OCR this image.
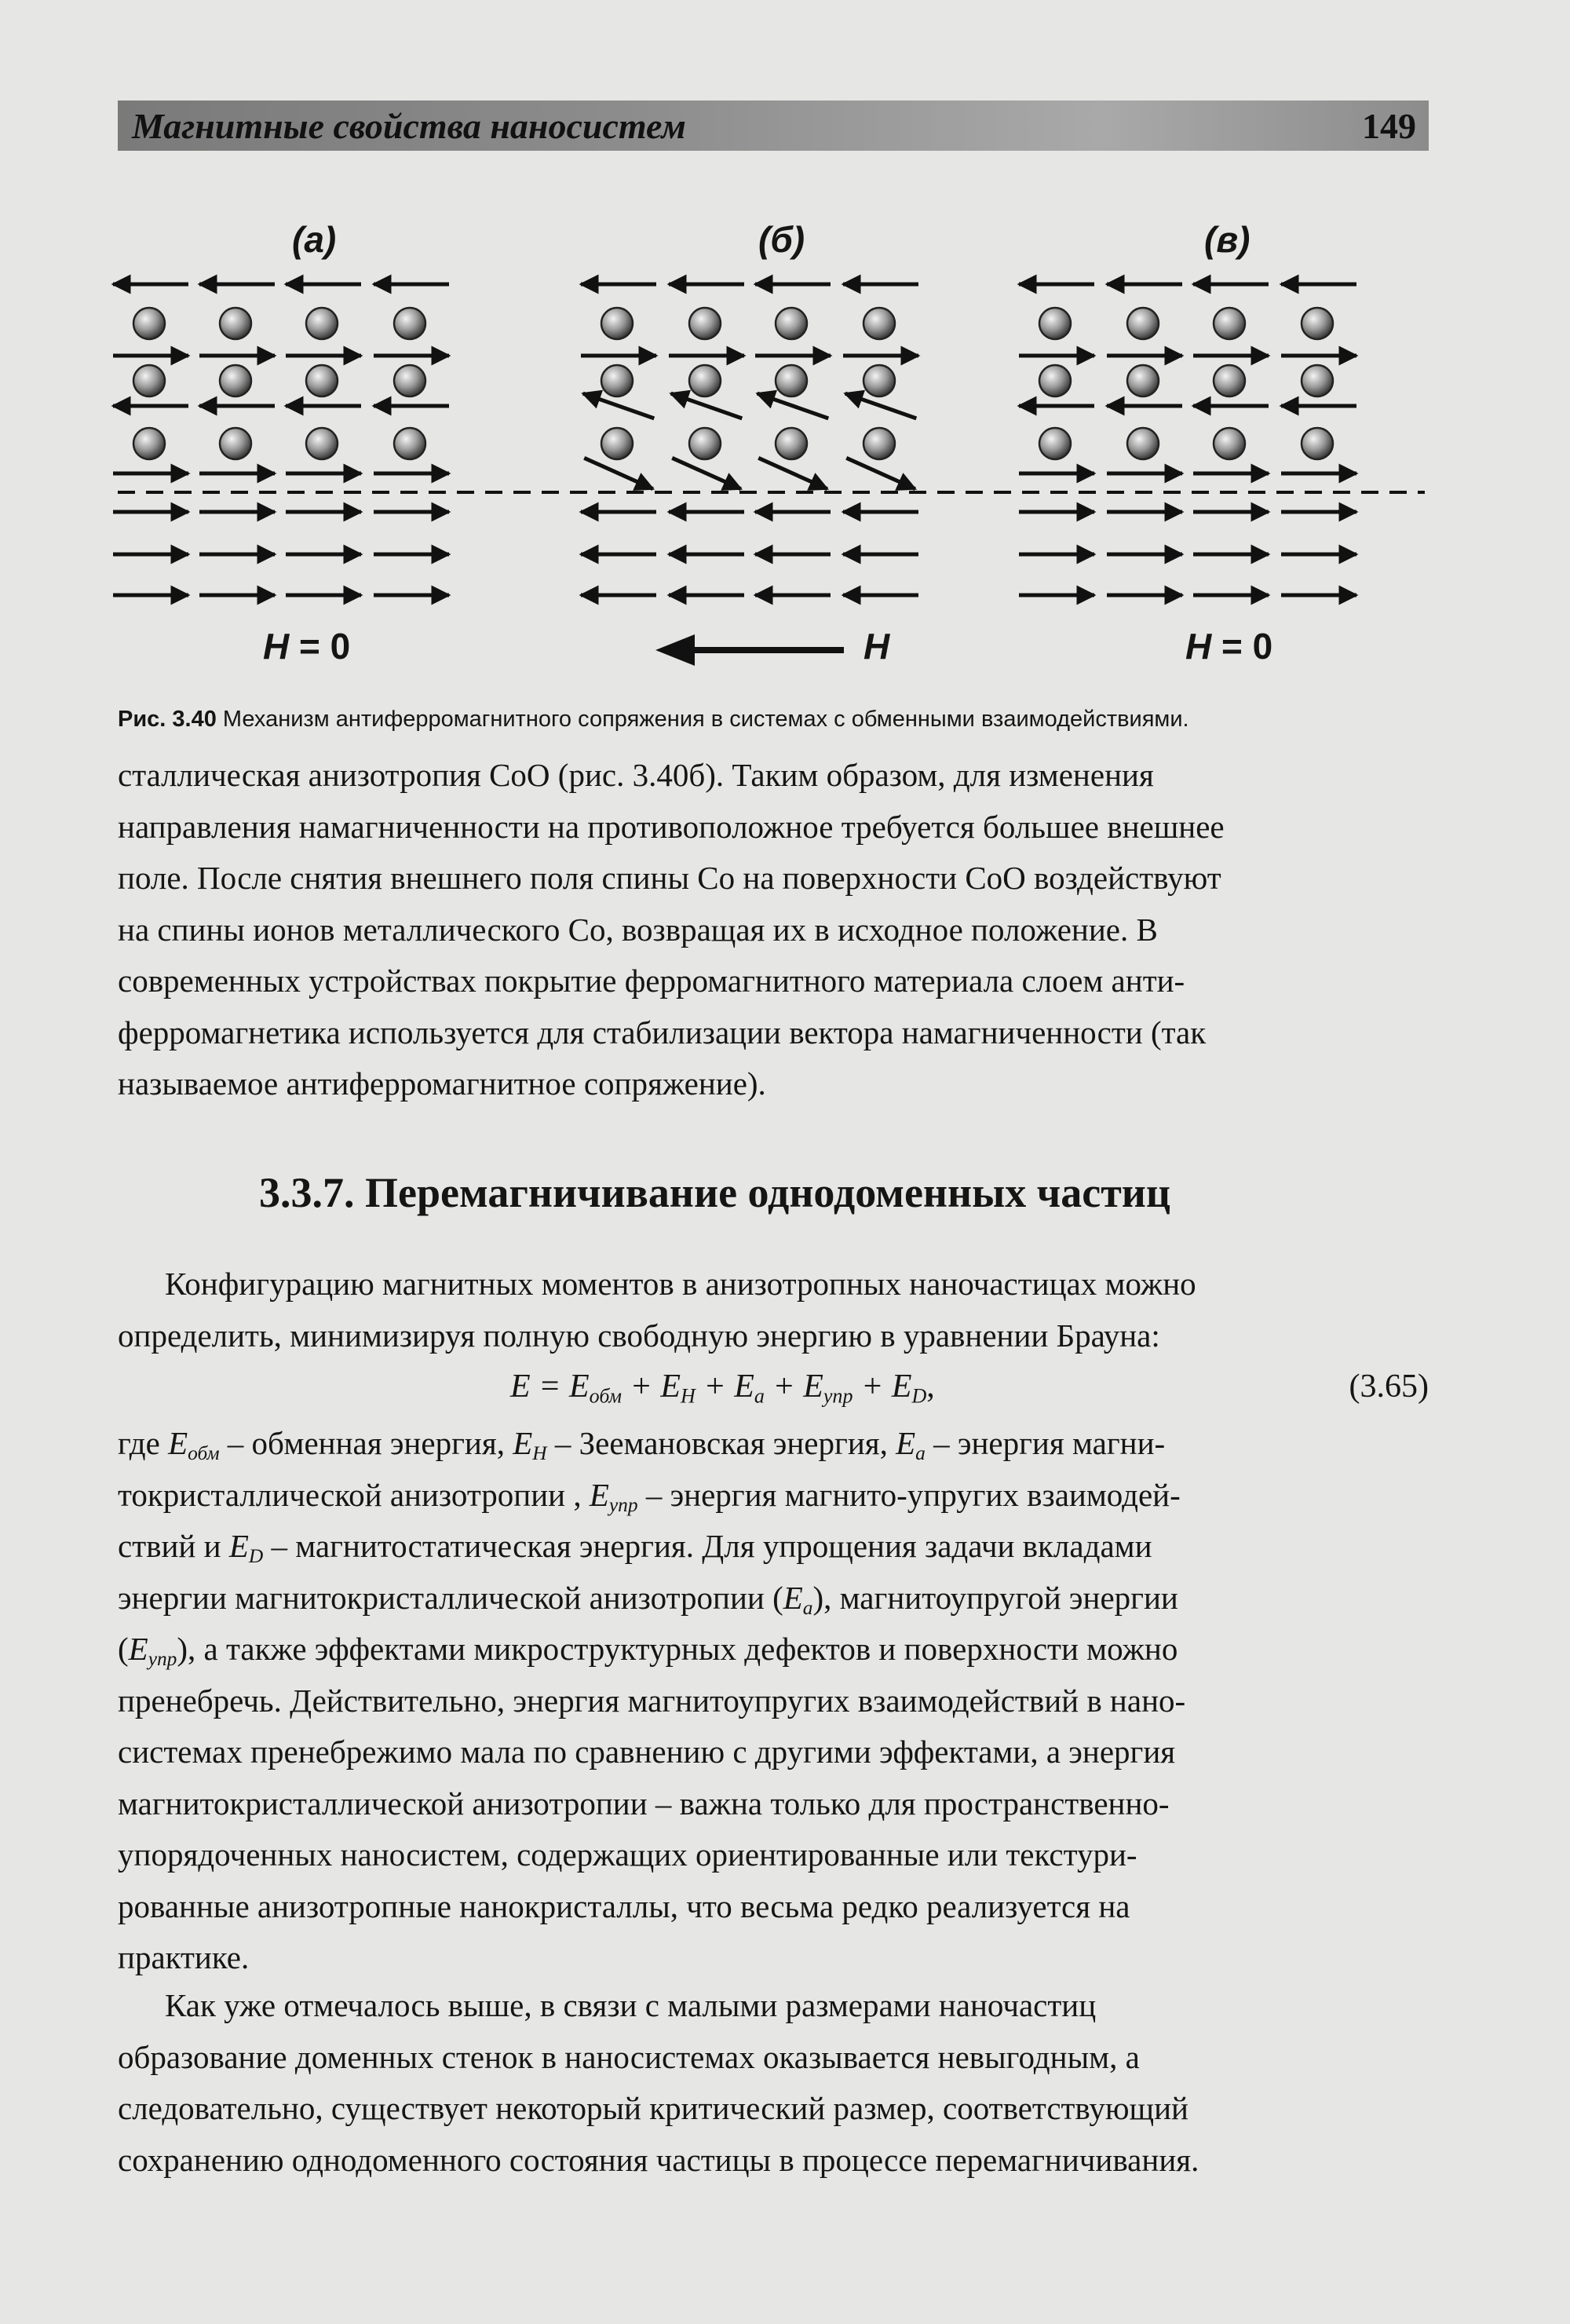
Магнитные свойства наносистем	149
(а)	(б)	(в)
H = 0	H	H = 0
Рис. 3.40 Механизм антиферромагнитного сопряжения в системах с обменными взаимодействиями.

сталлическая анизотропия CoO (рис. 3.40б). Таким образом, для изменения

направления намагниченности на противоположное требуется большее внешнее

поле. После снятия внешнего поля спины Co на поверхности CoO воздействуют

на спины ионов металлического Co, возвращая их в исходное положение. В

современных устройствах покрытие ферромагнитного материала слоем анти-

ферромагнетика используется для стабилизации вектора намагниченности (так

называемое антиферромагнитное сопряжение).

3.3.7. Перемагничивание однодоменных частиц

Конфигурацию магнитных моментов в анизотропных наночастицах можно

определить, минимизируя полную свободную энергию в уравнении Брауна:

$E = E_{обм} + E_H + E_a + E_{упр} + E_D$,	(3.65)

где $E_{обм}$ – обменная энергия, $E_H$ – Зеемановская энергия, $E_a$ – энергия магни-

токристаллической анизотропии , $E_{упр}$ – энергия магнито-упругих взаимодей-

ствий и $E_D$ – магнитостатическая энергия. Для упрощения задачи вкладами

энергии магнитокристаллической анизотропии $(E_a)$, магнитоупругой энергии

$(E_{упр})$, а также эффектами микроструктурных дефектов и поверхности можно

пренебречь. Действительно, энергия магнитоупругих взаимодействий в нано-

системах пренебрежимо мала по сравнению с другими эффектами, а энергия

магнитокристаллической анизотропии – важна только для пространственно-

упорядоченных наносистем, содержащих ориентированные или текстури-

рованные анизотропные нанокристаллы, что весьма редко реализуется на

практике.

Как уже отмечалось выше, в связи с малыми размерами наночастиц

образование доменных стенок в наносистемах оказывается невыгодным, а

следовательно, существует некоторый критический размер, соответствующий

сохранению однодоменного состояния частицы в процессе перемагничивания.
